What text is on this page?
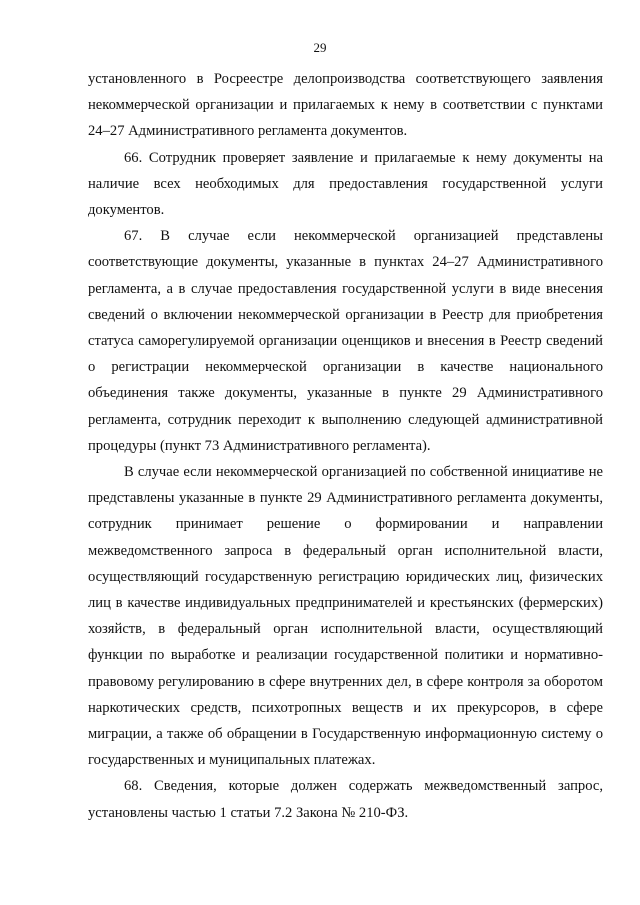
29

установленного в Росреестре делопроизводства соответствующего заявления некоммерческой организации и прилагаемых к нему в соответствии с пунктами 24–27 Административного регламента документов.

66. Сотрудник проверяет заявление и прилагаемые к нему документы на наличие всех необходимых для предоставления государственной услуги документов.

67. В случае если некоммерческой организацией представлены соответствующие документы, указанные в пунктах 24–27 Административного регламента, а в случае предоставления государственной услуги в виде внесения сведений о включении некоммерческой организации в Реестр для приобретения статуса саморегулируемой организации оценщиков и внесения в Реестр сведений о регистрации некоммерческой организации в качестве национального объединения также документы, указанные в пункте 29 Административного регламента, сотрудник переходит к выполнению следующей административной процедуры (пункт 73 Административного регламента).

В случае если некоммерческой организацией по собственной инициативе не представлены указанные в пункте 29 Административного регламента документы, сотрудник принимает решение о формировании и направлении межведомственного запроса в федеральный орган исполнительной власти, осуществляющий государственную регистрацию юридических лиц, физических лиц в качестве индивидуальных предпринимателей и крестьянских (фермерских) хозяйств, в федеральный орган исполнительной власти, осуществляющий функции по выработке и реализации государственной политики и нормативно-правовому регулированию в сфере внутренних дел, в сфере контроля за оборотом наркотических средств, психотропных веществ и их прекурсоров, в сфере миграции, а также об обращении в Государственную информационную систему о государственных и муниципальных платежах.

68. Сведения, которые должен содержать межведомственный запрос, установлены частью 1 статьи 7.2 Закона № 210-ФЗ.
